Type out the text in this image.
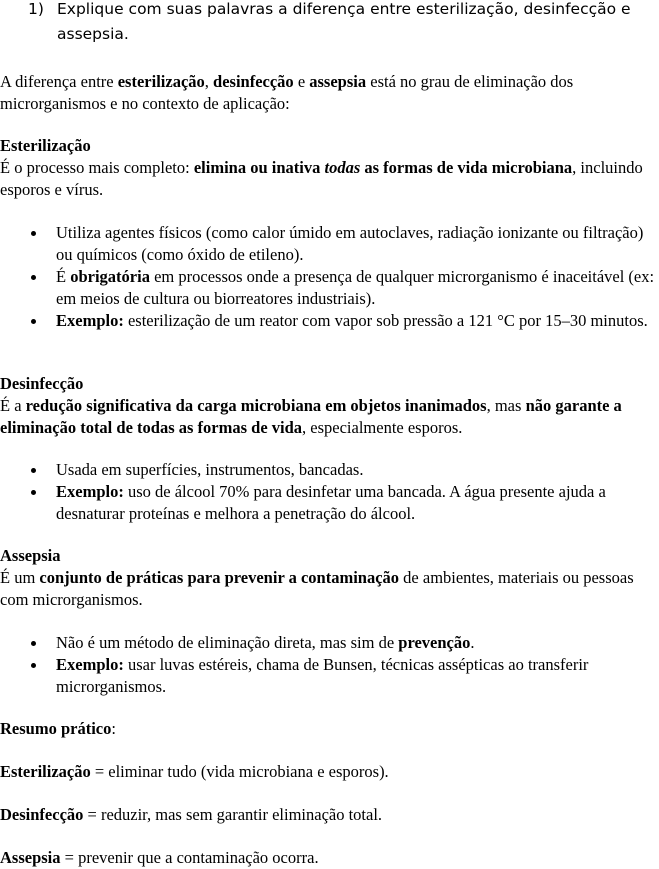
1) Explique com suas palavras a diferença entre esterilização, desinfecção e
assepsia.

A diferença entre esterilização, desinfecção e assepsia está no grau de eliminação dos microrganismos e no contexto de aplicação:

Esterilização

É o processo mais completo: elimina ou inativa todas as formas de vida microbiana, incluindo esporos e vírus.

Utiliza agentes físicos (como calor úmido em autoclaves, radiação ionizante ou filtração) ou químicos (como óxido de etileno).
É obrigatória em processos onde a presença de qualquer microrganismo é inaceitável (ex: em meios de cultura ou biorreatores industriais).
Exemplo: esterilização de um reator com vapor sob pressão a 121 °C por 15–30 minutos.

Desinfecção

É a redução significativa da carga microbiana em objetos inanimados, mas não garante a eliminação total de todas as formas de vida, especialmente esporos.

Usada em superfícies, instrumentos, bancadas.
Exemplo: uso de álcool 70% para desinfetar uma bancada. A água presente ajuda a desnaturar proteínas e melhora a penetração do álcool.

Assepsia

É um conjunto de práticas para prevenir a contaminação de ambientes, materiais ou pessoas com microrganismos.

Não é um método de eliminação direta, mas sim de prevenção.
Exemplo: usar luvas estéreis, chama de Bunsen, técnicas assépticas ao transferir microrganismos.

Resumo prático:

Esterilização = eliminar tudo (vida microbiana e esporos).

Desinfecção = reduzir, mas sem garantir eliminação total.

Assepsia = prevenir que a contaminação ocorra.
